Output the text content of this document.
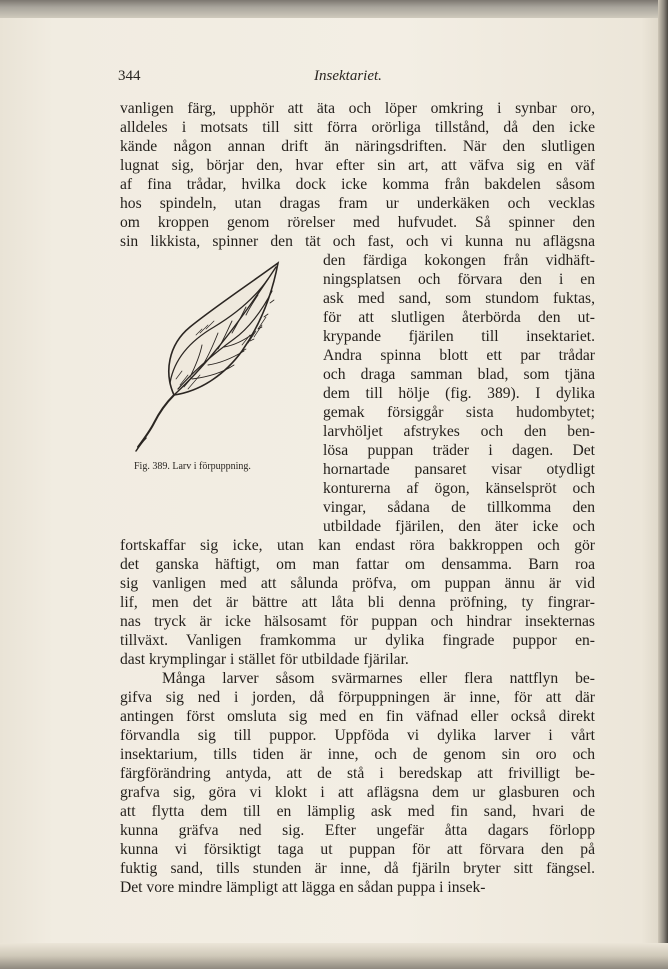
344	Insektariet.
vanligen färg, upphör att äta och löper omkring i synbar oro,
alldeles i motsats till sitt förra orörliga tillstånd, då den icke
kände någon annan drift än näringsdriften. När den slutligen
lugnat sig, börjar den, hvar efter sin art, att väfva sig en väf
af fina trådar, hvilka dock icke komma från bakdelen såsom
hos spindeln, utan dragas fram ur underkäken och vecklas
om kroppen genom rörelser med hufvudet. Så spinner den
sin likkista, spinner den tät och fast, och vi kunna nu aflägsna
den färdiga kokongen från vidhäft-
ningsplatsen och förvara den i en
ask med sand, som stundom fuktas,
för att slutligen återbörda den ut-
krypande fjärilen till insektariet.
Andra spinna blott ett par trådar
och draga samman blad, som tjäna
dem till hölje (fig. 389). I dylika
gemak försiggår sista hudombytet;
larvhöljet afstrykes och den ben-
lösa puppan träder i dagen. Det
hornartade pansaret visar otydligt
konturerna af ögon, känselspröt och
vingar, sådana de tillkomma den
utbildade fjärilen, den äter icke och
fortskaffar sig icke, utan kan endast röra bakkroppen och gör
det ganska häftigt, om man fattar om densamma. Barn roa
sig vanligen med att sålunda pröfva, om puppan ännu är vid
lif, men det är bättre att låta bli denna pröfning, ty fingrar-
nas tryck är icke hälsosamt för puppan och hindrar insekternas
tillväxt. Vanligen framkomma ur dylika fingrade puppor en-
dast krymplingar i stället för utbildade fjärilar.
Många larver såsom svärmarnes eller flera nattflyn be-
gifva sig ned i jorden, då förpuppningen är inne, för att där
antingen först omsluta sig med en fin väfnad eller också direkt
förvandla sig till puppor. Uppföda vi dylika larver i vårt
insektarium, tills tiden är inne, och de genom sin oro och
färgförändring antyda, att de stå i beredskap att frivilligt be-
grafva sig, göra vi klokt i att aflägsna dem ur glasburen och
att flytta dem till en lämplig ask med fin sand, hvari de
kunna gräfva ned sig. Efter ungefär åtta dagars förlopp
kunna vi försiktigt taga ut puppan för att förvara den på
fuktig sand, tills stunden är inne, då fjäriln bryter sitt fängsel.
Det vore mindre lämpligt att lägga en sådan puppa i insek-
Fig. 389. Larv i förpuppning.
